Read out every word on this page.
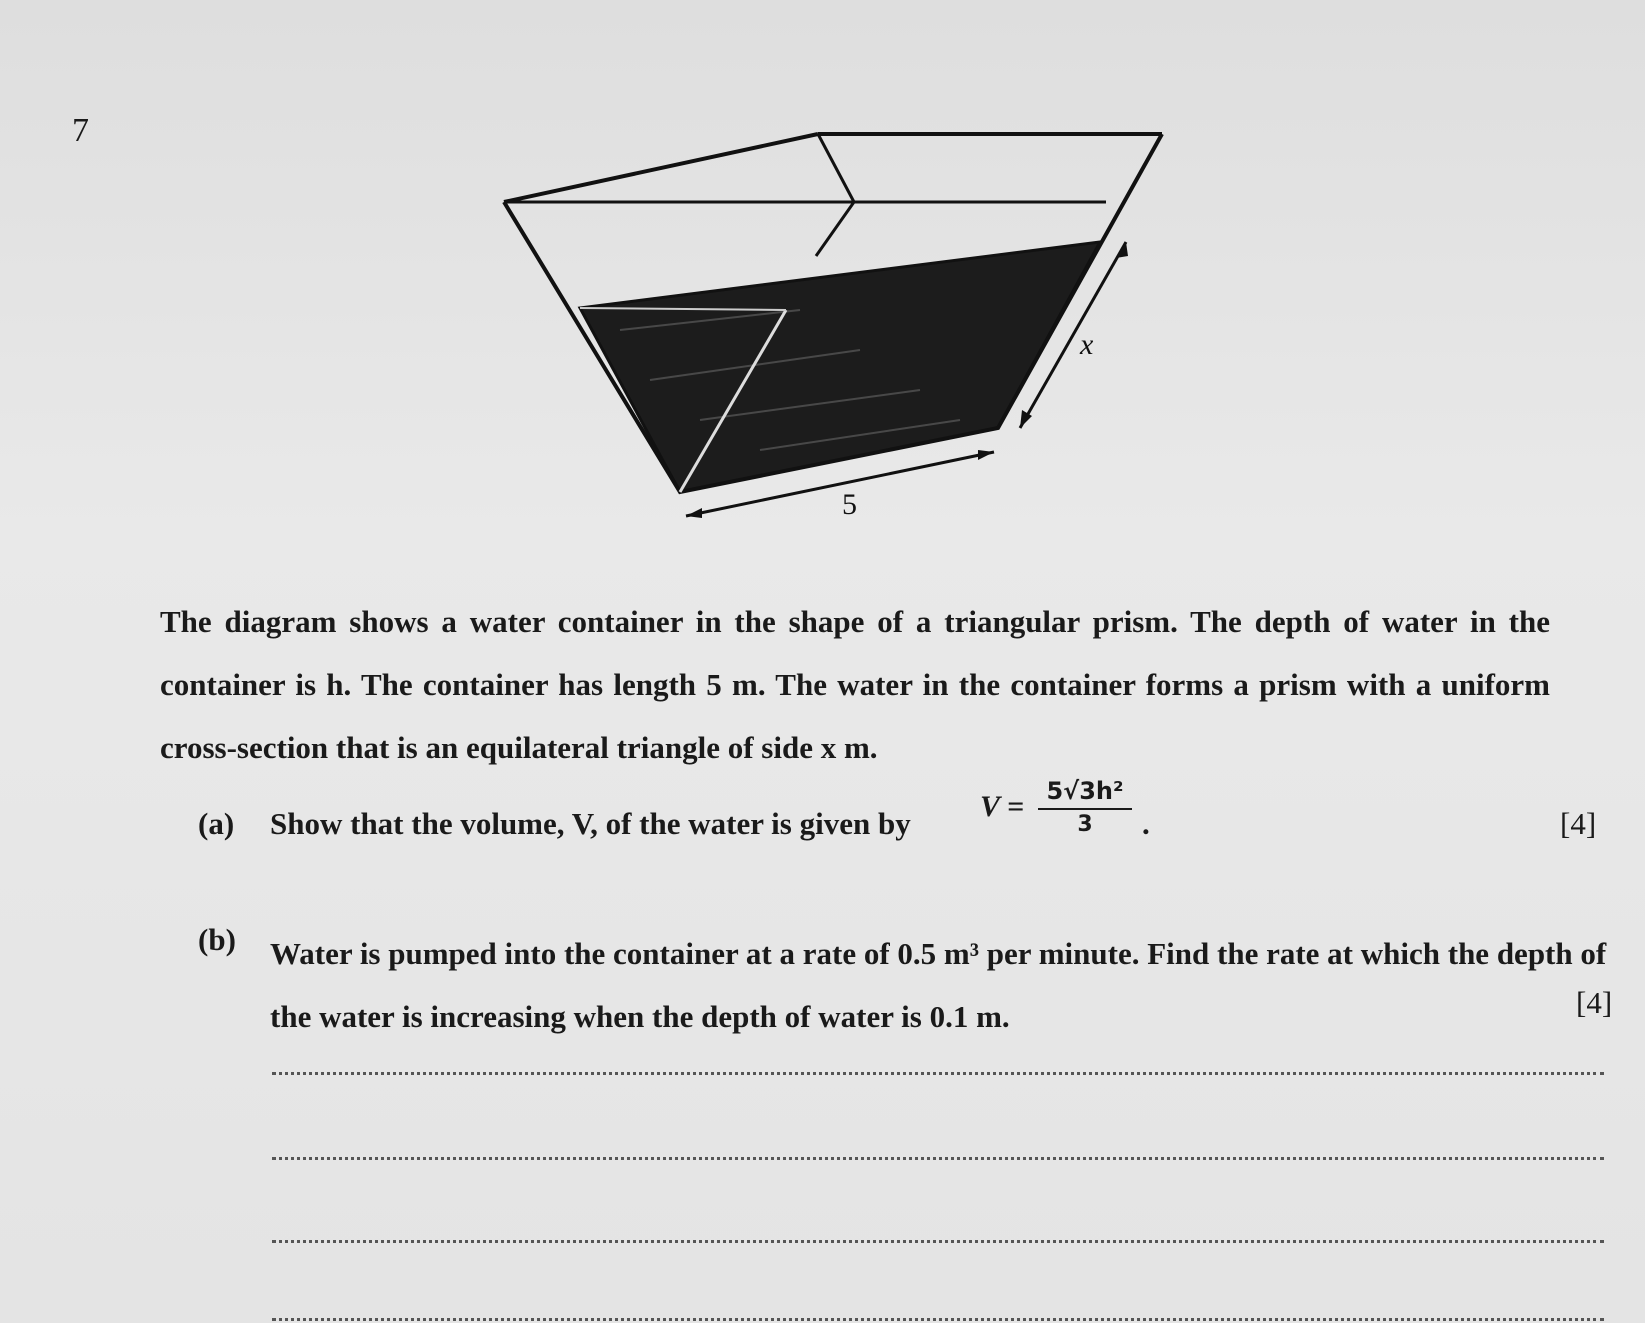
7
5
x
The diagram shows a water container in the shape of a triangular prism. The depth of water in the container is h. The container has length 5 m. The water in the container forms a prism with a uniform cross-section that is an equilateral triangle of side x m.
(a) Show that the volume, V, of the water is given by V = 5√3h²
3	.	[4]
(b) Water is pumped into the container at a rate of 0.5 m³ per minute. Find the rate at which the depth of the water is increasing when the depth of water is 0.1 m.	[4]
